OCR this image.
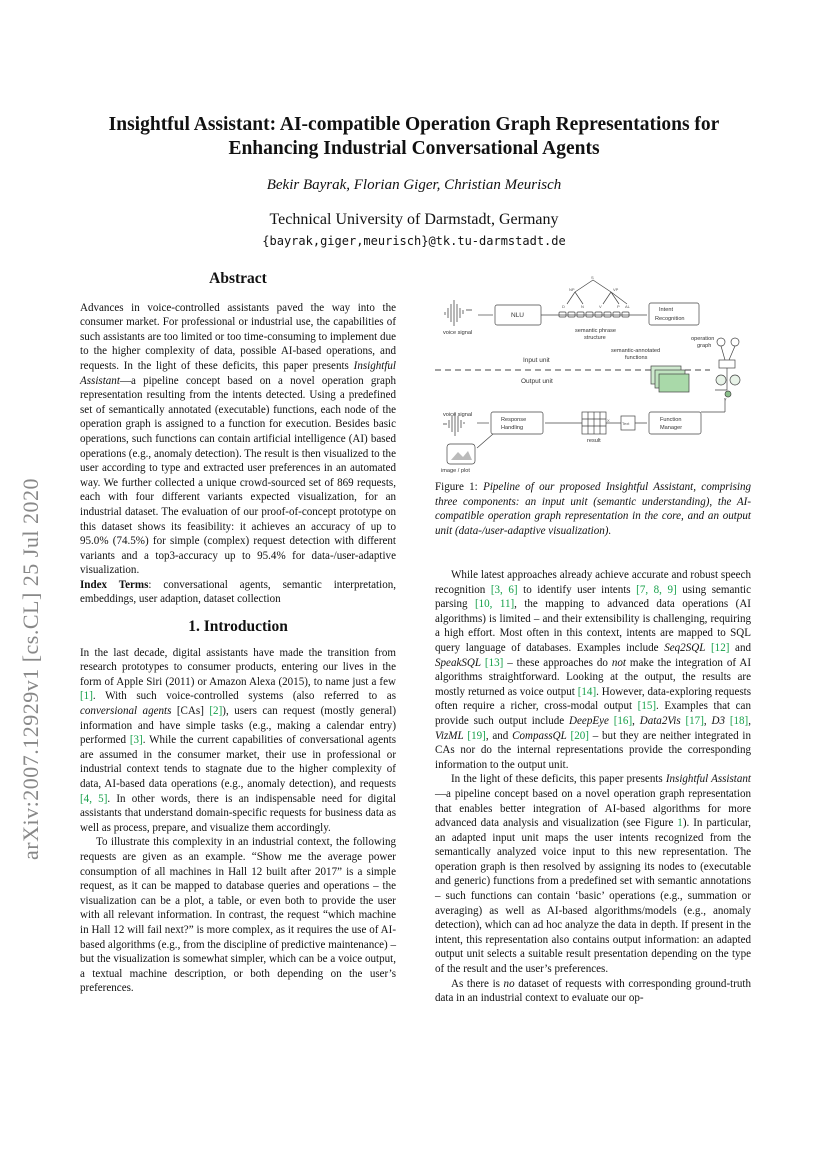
Insightful Assistant: AI-compatible Operation Graph Representations for
Enhancing Industrial Conversational Agents
Bekir Bayrak, Florian Giger, Christian Meurisch
Technical University of Darmstadt, Germany
{bayrak,giger,meurisch}@tk.tu-darmstadt.de
arXiv:2007.12929v1 [cs.CL] 25 Jul 2020
Abstract

Advances in voice-controlled assistants paved the way into the consumer market. For professional or industrial use, the capabilities of such assistants are too limited or too time-consuming to implement due to the higher complexity of data, possible AI-based operations, and requests. In the light of these deficits, this paper presents Insightful Assistant—a pipeline concept based on a novel operation graph representation resulting from the intents detected. Using a predefined set of semantically annotated (executable) functions, each node of the operation graph is assigned to a function for execution. Besides basic operations, such functions can contain artificial intelligence (AI) based operations (e.g., anomaly detection). The result is then visualized to the user according to type and extracted user preferences in an automated way. We further collected a unique crowd-sourced set of 869 requests, each with four different variants expected visualization, for an industrial dataset. The evaluation of our proof-of-concept prototype on this dataset shows its feasibility: it achieves an accuracy of up to 95.0% (74.5%) for simple (complex) request detection with different variants and a top3-accuracy up to 95.4% for data-/user-adaptive visualization.

Index Terms: conversational agents, semantic interpretation, embeddings, user adaption, dataset collection

1. Introduction

In the last decade, digital assistants have made the transition from research prototypes to consumer products, entering our lives in the form of Apple Siri (2011) or Amazon Alexa (2015), to name just a few [1]. With such voice-controlled systems (also referred to as conversional agents [CAs] [2]), users can request (mostly general) information and have simple tasks (e.g., making a calendar entry) performed [3]. While the current capabilities of conversational agents are assumed in the consumer market, their use in professional or industrial context tends to stagnate due to the higher complexity of data, AI-based data operations (e.g., anomaly detection), and requests [4, 5]. In other words, there is an indispensable need for digital assistants that understand domain-specific requests for business data as well as process, prepare, and visualize them accordingly.

To illustrate this complexity in an industrial context, the following requests are given as an example. “Show me the average power consumption of all machines in Hall 12 built after 2017” is a simple request, as it can be mapped to database queries and operations – the visualization can be a plot, a table, or even both to provide the user with all relevant information. In contrast, the request “which machine in Hall 12 will fail next?” is more complex, as it requires the use of AI-based algorithms (e.g., from the discipline of predictive maintenance) – but the visualization is somewhat simpler, which can be a voice output, a textual machine description, or both depending on the user’s preferences.

NLU
Intent
Recognition
voice signal	semantic phrase
structure
semantic-annotated
functions
operation
graph
Input unit
Output unit
voice signal
Response
Handling
Function
Manager
result
image / plot
S
NP	VP
D	N	V	P AL
Y
X
Text
Figure 1: Pipeline of our proposed Insightful Assistant, comprising three components: an input unit (semantic understanding), the AI-compatible operation graph representation in the core, and an output unit (data-/user-adaptive visualization).

While latest approaches already achieve accurate and robust speech recognition [3, 6] to identify user intents [7, 8, 9] using semantic parsing [10, 11], the mapping to advanced data operations (AI algorithms) is limited – and their extensibility is challenging, requiring a high effort. Most often in this context, intents are mapped to SQL query language of databases. Examples include Seq2SQL [12] and SpeakSQL [13] – these approaches do not make the integration of AI algorithms straightforward. Looking at the output, the results are mostly returned as voice output [14]. However, data-exploring requests often require a richer, cross-modal output [15]. Examples that can provide such output include DeepEye [16], Data2Vis [17], D3 [18], VizML [19], and CompassQL [20] – but they are neither integrated in CAs nor do the internal representations provide the corresponding information to the output unit.

In the light of these deficits, this paper presents Insightful Assistant—a pipeline concept based on a novel operation graph representation that enables better integration of AI-based algorithms for more advanced data analysis and visualization (see Figure 1). In particular, an adapted input unit maps the user intents recognized from the semantically analyzed voice input to this new representation. The operation graph is then resolved by assigning its nodes to (executable and generic) functions from a predefined set with semantic annotations – such functions can contain ‘basic’ operations (e.g., summation or averaging) as well as AI-based algorithms/models (e.g., anomaly detection), which can ad hoc analyze the data in depth. If present in the intent, this representation also contains output information: an adapted output unit selects a suitable result presentation depending on the type of the result and the user’s preferences.

As there is no dataset of requests with corresponding ground-truth data in an industrial context to evaluate our op-
